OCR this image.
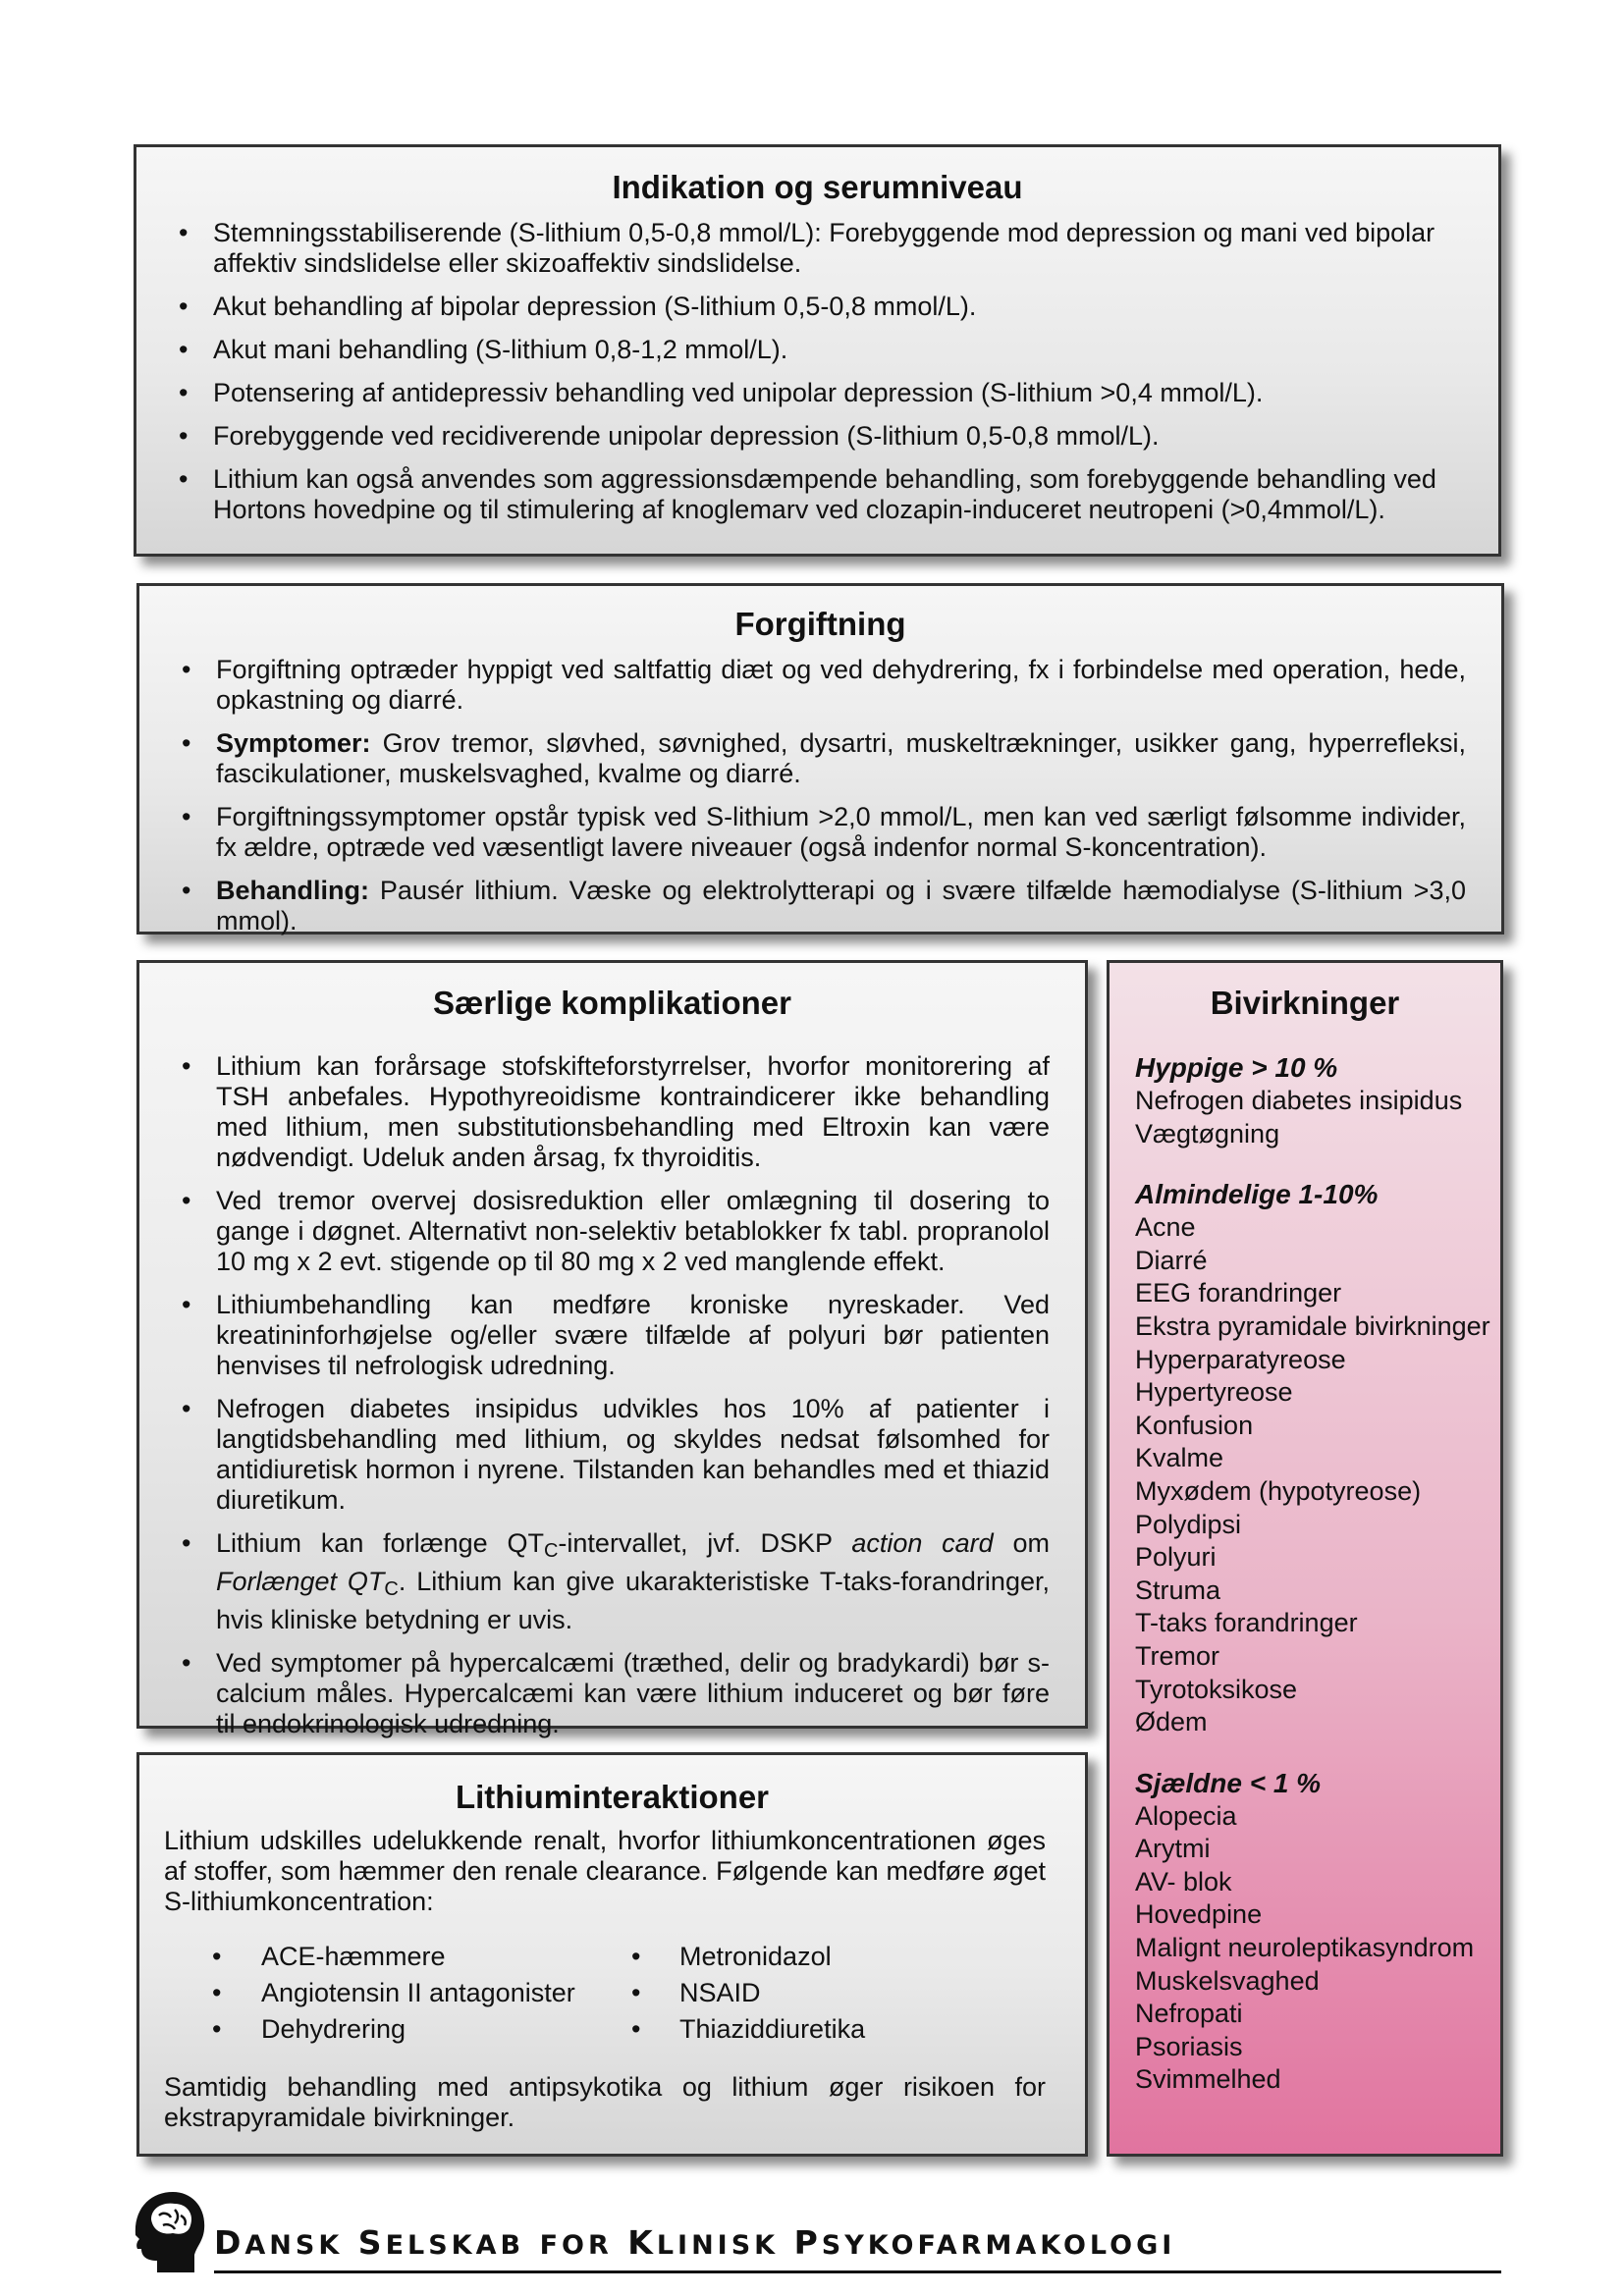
Indikation og serumniveau
• Stemningsstabiliserende (S-lithium 0,5-0,8 mmol/L): Forebyggende mod depression og mani ved bipolar affektiv sindslidelse eller skizoaffektiv sindslidelse.
• Akut behandling af bipolar depression (S-lithium 0,5-0,8 mmol/L).
• Akut mani behandling (S-lithium 0,8-1,2 mmol/L).
• Potensering af antidepressiv behandling ved unipolar depression (S-lithium >0,4 mmol/L).
• Forebyggende ved recidiverende unipolar depression (S-lithium 0,5-0,8 mmol/L).
• Lithium kan også anvendes som aggressionsdæmpende behandling, som forebyggende behandling ved Hortons hovedpine og til stimulering af knoglemarv ved clozapin-induceret neutropeni (>0,4mmol/L).
Forgiftning
• Forgiftning optræder hyppigt ved saltfattig diæt og ved dehydrering, fx i forbindelse med operation, hede, opkastning og diarré.
• Symptomer: Grov tremor, sløvhed, søvnighed, dysartri, muskeltrækninger, usikker gang, hyperrefleksi, fascikulationer, muskelsvaghed, kvalme og diarré.
• Forgiftningssymptomer opstår typisk ved S-lithium >2,0 mmol/L, men kan ved særligt følsomme individer, fx ældre, optræde ved væsentligt lavere niveauer (også indenfor normal S-koncentration).
• Behandling: Pausér lithium. Væske og elektrolytterapi og i svære tilfælde hæmodialyse (S-lithium >3,0 mmol).
Særlige komplikationer
• Lithium kan forårsage stofskifteforstyrrelser, hvorfor monitorering af TSH anbefales. Hypothyreoidisme kontraindicerer ikke behandling med lithium, men substitutionsbehandling med Eltroxin kan være nødvendigt. Udeluk anden årsag, fx thyroiditis.
• Ved tremor overvej dosisreduktion eller omlægning til dosering to gange i døgnet. Alternativt non-selektiv betablokker fx tabl. propranolol 10 mg x 2 evt. stigende op til 80 mg x 2 ved manglende effekt.
• Lithiumbehandling kan medføre kroniske nyreskader. Ved kreatininforhøjelse og/eller svære tilfælde af polyuri bør patienten henvises til nefrologisk udredning.
• Nefrogen diabetes insipidus udvikles hos 10% af patienter i langtidsbehandling med lithium, og skyldes nedsat følsomhed for antidiuretisk hormon i nyrene. Tilstanden kan behandles med et thiazid diuretikum.
• Lithium kan forlænge $QT_C$-intervallet, jvf. DSKP action card om Forlænget $QT_C$. Lithium kan give ukarakteristiske T-taks-forandringer, hvis kliniske betydning er uvis.
• Ved symptomer på hypercalcæmi (træthed, delir og bradykardi) bør s-calcium måles. Hypercalcæmi kan være lithium induceret og bør føre til endokrinologisk udredning.
Lithiuminteraktioner

Lithium udskilles udelukkende renalt, hvorfor lithiumkoncentrationen øges af stoffer, som hæmmer den renale clearance. Følgende kan medføre øget S-lithiumkoncentration:

• ACE-hæmmere
• Angiotensin II antagonister
• Dehydrering
• Metronidazol
• NSAID
• Thiaziddiuretika

Samtidig behandling med antipsykotika og lithium øger risikoen for ekstrapyramidale bivirkninger.

Bivirkninger
Hyppige > 10 %
Nefrogen diabetes insipidus
Vægtøgning
Almindelige 1-10%
Acne
Diarré
EEG forandringer
Ekstra pyramidale bivirkninger
Hyperparatyreose
Hypertyreose
Konfusion
Kvalme
Myxødem (hypotyreose)
Polydipsi
Polyuri
Struma
T-taks forandringer
Tremor
Tyrotoksikose
Ødem
Sjældne < 1 %
Alopecia
Arytmi
AV- blok
Hovedpine
Malignt neuroleptikasyndrom
Muskelsvaghed
Nefropati
Psoriasis
Svimmelhed
DANSK SELSKAB FOR KLINISK PSYKOFARMAKOLOGI
